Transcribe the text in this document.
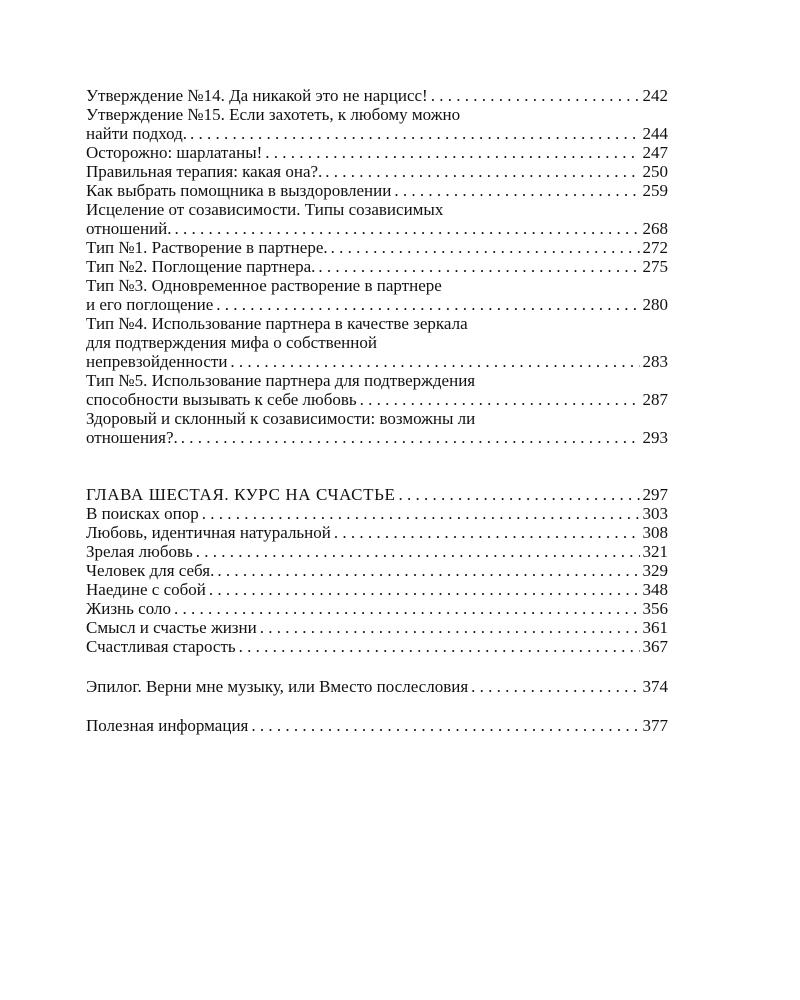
Утверждение №14. Да никакой это не нарцисс! . . .	242
Утверждение №15. Если захотеть, к любому можно
найти подход. . . .	244
Осторожно: шарлатаны! . . .	247
Правильная терапия: какая она?. . . .	250
Как выбрать помощника в выздоровлении . . .	259
Исцеление от созависимости. Типы созависимых
отношений. . . .	268
Тип №1. Растворение в партнере. . . .	272
Тип №2. Поглощение партнера. . . .	275
Тип №3. Одновременное растворение в партнере
и его поглощение . . .	280
Тип №4. Использование партнера в качестве зеркала
для подтверждения мифа о собственной
непревзойденности . . .	283
Тип №5. Использование партнера для подтверждения
способности вызывать к себе любовь . . .	287
Здоровый и склонный к созависимости: возможны ли
отношения?. . . .	293
ГЛАВА ШЕСТАЯ. КУРС НА СЧАСТЬЕ . . .	297
В поисках опор . . .	303
Любовь, идентичная натуральной . . .	308
Зрелая любовь . . .	321
Человек для себя. . . .	329
Наедине с собой . . .	348
Жизнь соло . . .	356
Смысл и счастье жизни . . .	361
Счастливая старость . . .	367
Эпилог. Верни мне музыку, или Вместо послесловия . . .	374
Полезная информация . . .	377
